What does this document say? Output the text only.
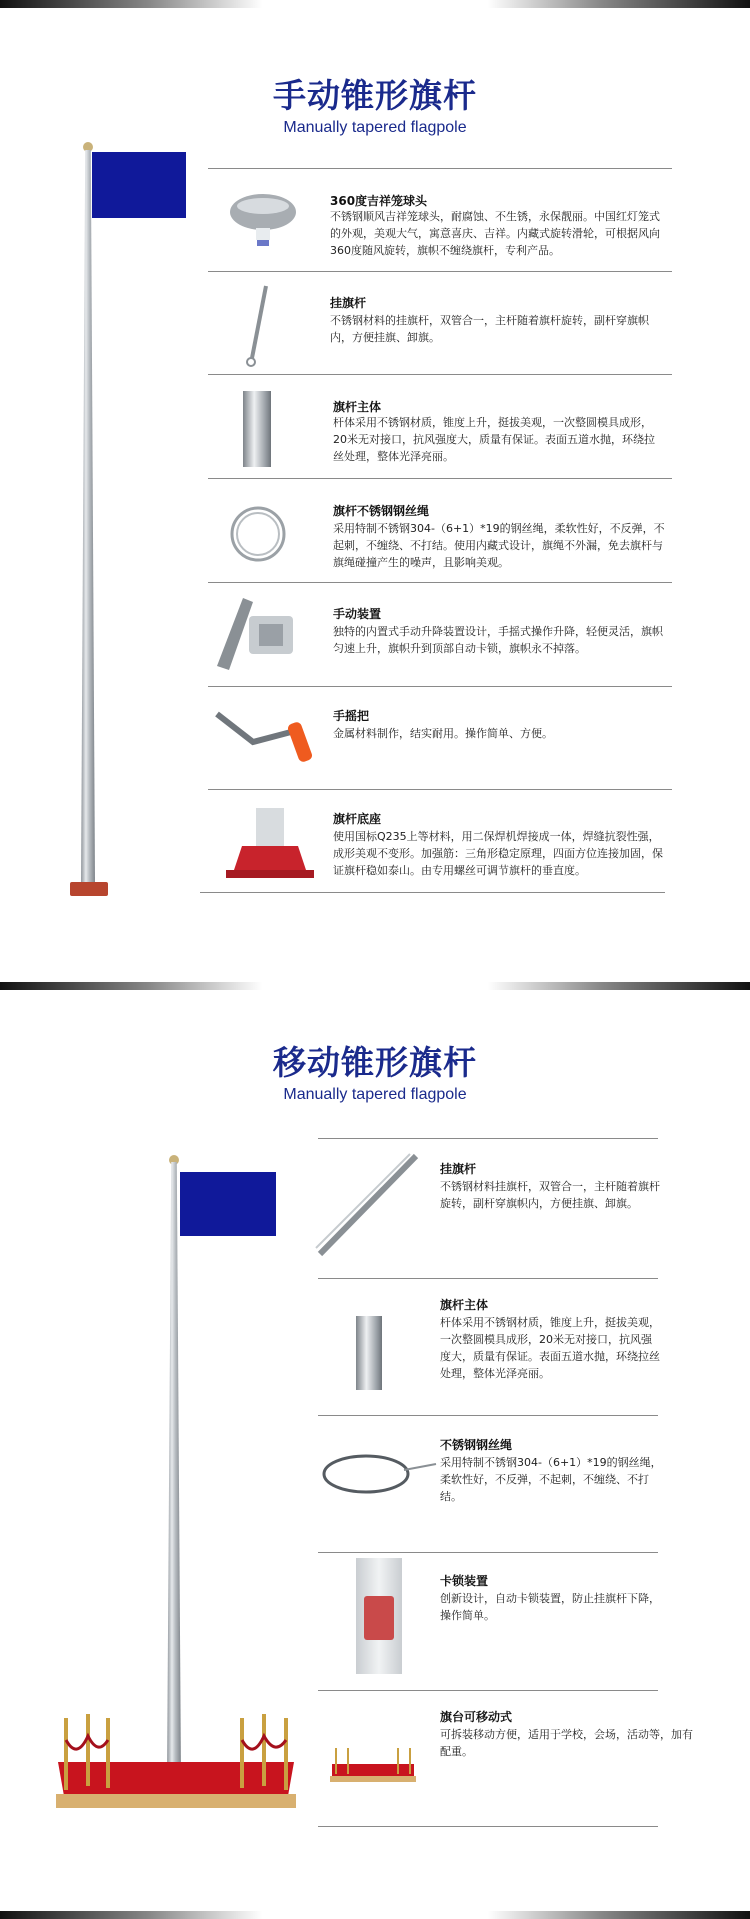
手动锥形旗杆
Manually tapered flagpole
360度吉祥笼球头
不锈钢顺风吉祥笼球头，耐腐蚀、不生锈，永保靓丽。中国红灯笼式的外观，美观大气，寓意喜庆、吉祥。内藏式旋转滑轮，可根据风向360度随风旋转，旗帜不缠绕旗杆，专利产品。
挂旗杆
不锈钢材料的挂旗杆，双管合一，主杆随着旗杆旋转，副杆穿旗帜内，方便挂旗、卸旗。
旗杆主体
杆体采用不锈钢材质，锥度上升，挺拔美观，一次整圆模具成形，20米无对接口，抗风强度大，质量有保证。表面五道水抛，环绕拉丝处理，整体光泽亮丽。
旗杆不锈钢钢丝绳
采用特制不锈钢304-（6+1）*19的钢丝绳，柔软性好，不反弹，不起刺，不缠绕、不打结。使用内藏式设计，旗绳不外漏，免去旗杆与旗绳碰撞产生的噪声，且影响美观。
手动装置
独特的内置式手动升降装置设计，手摇式操作升降，轻便灵活，旗帜匀速上升，旗帜升到顶部自动卡锁，旗帜永不掉落。
手摇把
金属材料制作，结实耐用。操作简单、方便。
旗杆底座
使用国标Q235上等材料，用二保焊机焊接成一体，焊缝抗裂性强，成形美观不变形。加强筋：三角形稳定原理，四面方位连接加固，保证旗杆稳如泰山。由专用螺丝可调节旗杆的垂直度。
移动锥形旗杆
Manually tapered flagpole
挂旗杆
不锈钢材料挂旗杆，双管合一，主杆随着旗杆旋转，副杆穿旗帜内，方便挂旗、卸旗。
旗杆主体
杆体采用不锈钢材质，锥度上升，挺拔美观，一次整圆模具成形，20米无对接口，抗风强度大，质量有保证。表面五道水抛，环绕拉丝处理，整体光泽亮丽。
不锈钢钢丝绳
采用特制不锈钢304-（6+1）*19的钢丝绳，柔软性好，不反弹，不起刺，不缠绕、不打结。
卡锁装置
创新设计，自动卡锁装置，防止挂旗杆下降，操作简单。
旗台可移动式
可拆装移动方便，适用于学校，会场，活动等，加有配重。
